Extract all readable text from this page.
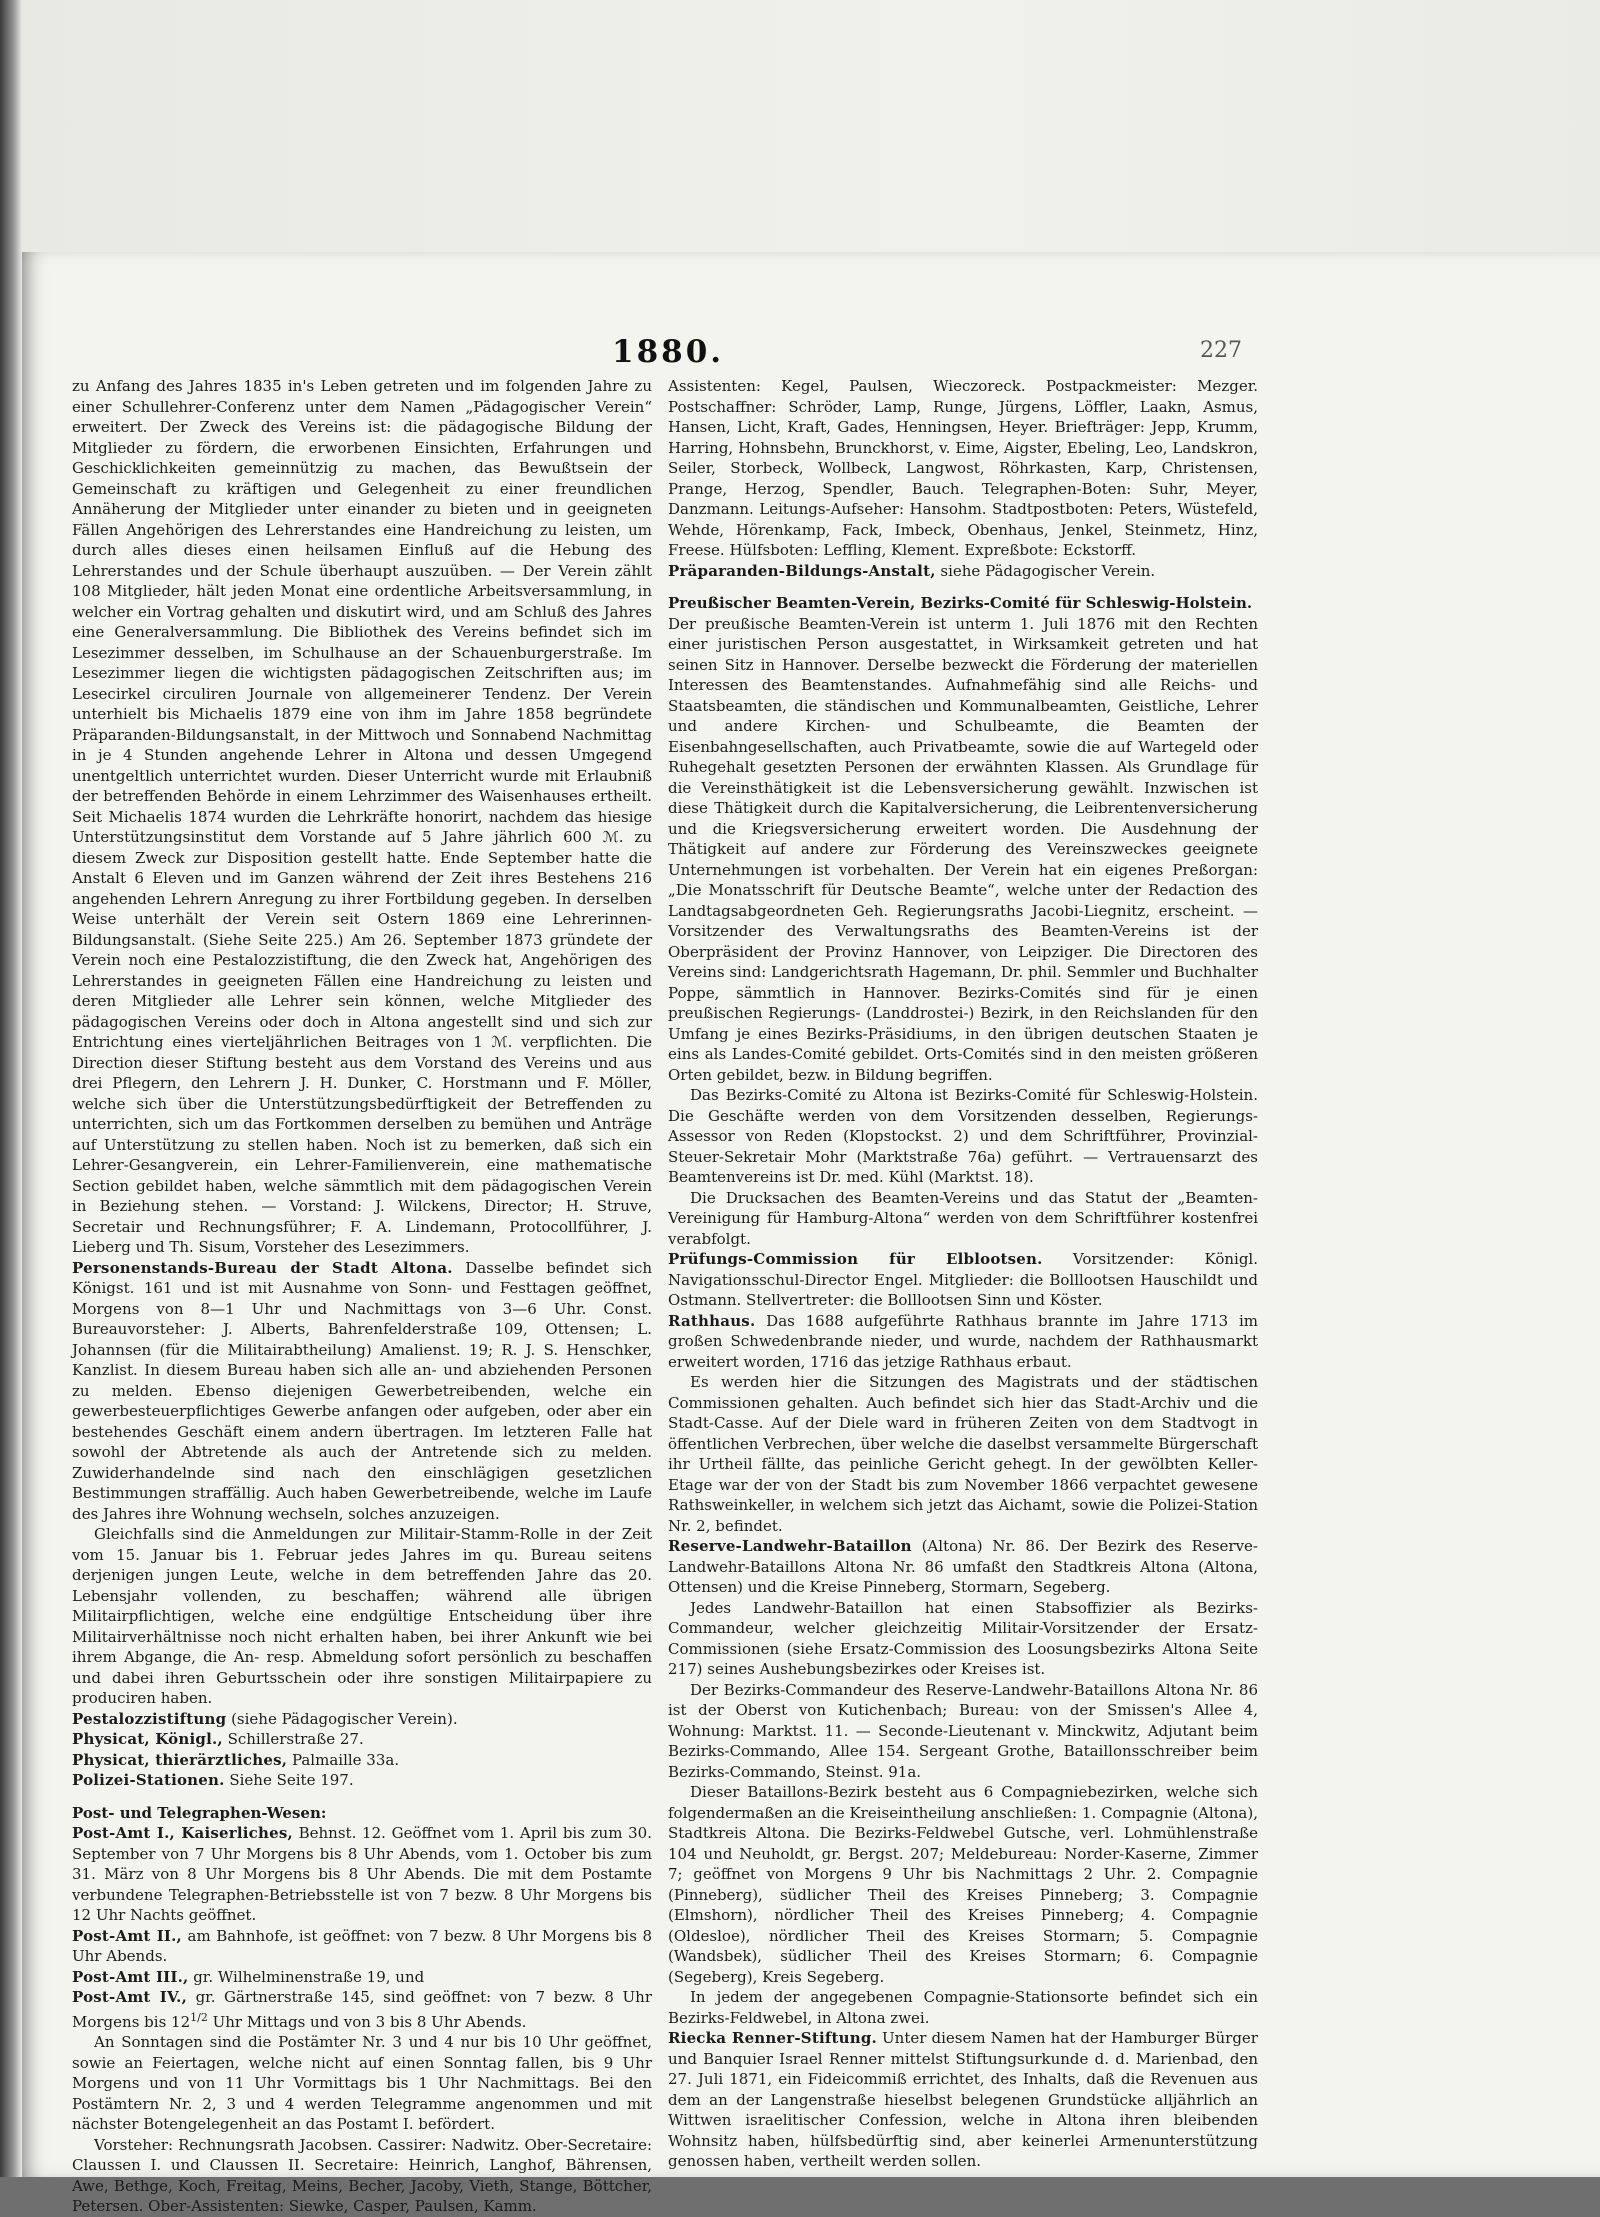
1880.	227

zu Anfang des Jahres 1835 in's Leben getreten und im folgenden Jahre zu einer Schullehrer-Conferenz unter dem Namen „Pädagogischer Verein“ erweitert. Der Zweck des Vereins ist: die pädagogische Bildung der Mitglieder zu fördern, die erworbenen Einsichten, Erfahrungen und Geschicklichkeiten gemeinnützig zu machen, das Bewußtsein der Gemeinschaft zu kräftigen und Gelegenheit zu einer freundlichen Annäherung der Mitglieder unter einander zu bieten und in geeigneten Fällen Angehörigen des Lehrerstandes eine Handreichung zu leisten, um durch alles dieses einen heilsamen Einfluß auf die Hebung des Lehrerstandes und der Schule überhaupt auszuüben. — Der Verein zählt 108 Mitglieder, hält jeden Monat eine ordentliche Arbeitsversammlung, in welcher ein Vortrag gehalten und diskutirt wird, und am Schluß des Jahres eine Generalversammlung. Die Bibliothek des Vereins befindet sich im Lesezimmer desselben, im Schulhause an der Schauenburgerstraße. Im Lesezimmer liegen die wichtigsten pädagogischen Zeitschriften aus; im Lesecirkel circuliren Journale von allgemeinerer Tendenz. Der Verein unterhielt bis Michaelis 1879 eine von ihm im Jahre 1858 begründete Präparanden-Bildungsanstalt, in der Mittwoch und Sonnabend Nachmittag in je 4 Stunden angehende Lehrer in Altona und dessen Umgegend unentgeltlich unterrichtet wurden. Dieser Unterricht wurde mit Erlaubniß der betreffenden Behörde in einem Lehrzimmer des Waisenhauses ertheilt. Seit Michaelis 1874 wurden die Lehrkräfte honorirt, nachdem das hiesige Unterstützungsinstitut dem Vorstande auf 5 Jahre jährlich 600 ℳ. zu diesem Zweck zur Disposition gestellt hatte. Ende September hatte die Anstalt 6 Eleven und im Ganzen während der Zeit ihres Bestehens 216 angehenden Lehrern Anregung zu ihrer Fortbildung gegeben. In derselben Weise unterhält der Verein seit Ostern 1869 eine Lehrerinnen-Bildungsanstalt. (Siehe Seite 225.) Am 26. September 1873 gründete der Verein noch eine Pestalozzistiftung, die den Zweck hat, Angehörigen des Lehrerstandes in geeigneten Fällen eine Handreichung zu leisten und deren Mitglieder alle Lehrer sein können, welche Mitglieder des pädagogischen Vereins oder doch in Altona angestellt sind und sich zur Entrichtung eines vierteljährlichen Beitrages von 1 ℳ. verpflichten. Die Direction dieser Stiftung besteht aus dem Vorstand des Vereins und aus drei Pflegern, den Lehrern J. H. Dunker, C. Horstmann und F. Möller, welche sich über die Unterstützungsbedürftigkeit der Betreffenden zu unterrichten, sich um das Fortkommen derselben zu bemühen und Anträge auf Unterstützung zu stellen haben. Noch ist zu bemerken, daß sich ein Lehrer-Gesangverein, ein Lehrer-Familienverein, eine mathematische Section gebildet haben, welche sämmtlich mit dem pädagogischen Verein in Beziehung stehen. — Vorstand: J. Wilckens, Director; H. Struve, Secretair und Rechnungsführer; F. A. Lindemann, Protocollführer, J. Lieberg und Th. Sisum, Vorsteher des Lesezimmers.

Personenstands-Bureau der Stadt Altona. Dasselbe befindet sich Königst. 161 und ist mit Ausnahme von Sonn- und Festtagen geöffnet, Morgens von 8—1 Uhr und Nachmittags von 3—6 Uhr. Const. Bureauvorsteher: J. Alberts, Bahrenfelderstraße 109, Ottensen; L. Johannsen (für die Militairabtheilung) Amalienst. 19; R. J. S. Henschker, Kanzlist. In diesem Bureau haben sich alle an- und abziehenden Personen zu melden. Ebenso diejenigen Gewerbetreibenden, welche ein gewerbesteuerpflichtiges Gewerbe anfangen oder aufgeben, oder aber ein bestehendes Geschäft einem andern übertragen. Im letzteren Falle hat sowohl der Abtretende als auch der Antretende sich zu melden. Zuwiderhandelnde sind nach den einschlägigen gesetzlichen Bestimmungen straffällig. Auch haben Gewerbetreibende, welche im Laufe des Jahres ihre Wohnung wechseln, solches anzuzeigen.

Gleichfalls sind die Anmeldungen zur Militair-Stamm-Rolle in der Zeit vom 15. Januar bis 1. Februar jedes Jahres im qu. Bureau seitens derjenigen jungen Leute, welche in dem betreffenden Jahre das 20. Lebensjahr vollenden, zu beschaffen; während alle übrigen Militairpflichtigen, welche eine endgültige Entscheidung über ihre Militairverhältnisse noch nicht erhalten haben, bei ihrer Ankunft wie bei ihrem Abgange, die An- resp. Abmeldung sofort persönlich zu beschaffen und dabei ihren Geburtsschein oder ihre sonstigen Militairpapiere zu produciren haben.

Pestalozzistiftung (siehe Pädagogischer Verein).

Physicat, Königl., Schillerstraße 27.

Physicat, thierärztliches, Palmaille 33a.

Polizei-Stationen. Siehe Seite 197.

Post- und Telegraphen-Wesen:

Post-Amt I., Kaiserliches, Behnst. 12. Geöffnet vom 1. April bis zum 30. September von 7 Uhr Morgens bis 8 Uhr Abends, vom 1. October bis zum 31. März von 8 Uhr Morgens bis 8 Uhr Abends. Die mit dem Postamte verbundene Telegraphen-Betriebsstelle ist von 7 bezw. 8 Uhr Morgens bis 12 Uhr Nachts geöffnet.

Post-Amt II., am Bahnhofe, ist geöffnet: von 7 bezw. 8 Uhr Morgens bis 8 Uhr Abends.

Post-Amt III., gr. Wilhelminenstraße 19, und

Post-Amt IV., gr. Gärtnerstraße 145, sind geöffnet: von 7 bezw. 8 Uhr Morgens bis $12^{1/2}$ Uhr Mittags und von 3 bis 8 Uhr Abends.

An Sonntagen sind die Postämter Nr. 3 und 4 nur bis 10 Uhr geöffnet, sowie an Feiertagen, welche nicht auf einen Sonntag fallen, bis 9 Uhr Morgens und von 11 Uhr Vormittags bis 1 Uhr Nachmittags. Bei den Postämtern Nr. 2, 3 und 4 werden Telegramme angenommen und mit nächster Botengelegenheit an das Postamt I. befördert.

Vorsteher: Rechnungsrath Jacobsen. Cassirer: Nadwitz. Ober-Secretaire: Claussen I. und Claussen II. Secretaire: Heinrich, Langhof, Bährensen, Awe, Bethge, Koch, Freitag, Meins, Becher, Jacoby, Vieth, Stange, Böttcher, Petersen. Ober-Assistenten: Siewke, Casper, Paulsen, Kamm.

Assistenten: Kegel, Paulsen, Wieczoreck. Postpackmeister: Mezger. Postschaffner: Schröder, Lamp, Runge, Jürgens, Löffler, Laakn, Asmus, Hansen, Licht, Kraft, Gades, Henningsen, Heyer. Briefträger: Jepp, Krumm, Harring, Hohnsbehn, Brunckhorst, v. Eime, Aigster, Ebeling, Leo, Landskron, Seiler, Storbeck, Wollbeck, Langwost, Röhrkasten, Karp, Christensen, Prange, Herzog, Spendler, Bauch. Telegraphen-Boten: Suhr, Meyer, Danzmann. Leitungs-Aufseher: Hansohm. Stadtpostboten: Peters, Wüstefeld, Wehde, Hörenkamp, Fack, Imbeck, Obenhaus, Jenkel, Steinmetz, Hinz, Freese. Hülfsboten: Leffling, Klement. Expreßbote: Eckstorff.

Präparanden-Bildungs-Anstalt, siehe Pädagogischer Verein.

Preußischer Beamten-Verein, Bezirks-Comité für Schleswig-Holstein.

Der preußische Beamten-Verein ist unterm 1. Juli 1876 mit den Rechten einer juristischen Person ausgestattet, in Wirksamkeit getreten und hat seinen Sitz in Hannover. Derselbe bezweckt die Förderung der materiellen Interessen des Beamtenstandes. Aufnahmefähig sind alle Reichs- und Staatsbeamten, die ständischen und Kommunalbeamten, Geistliche, Lehrer und andere Kirchen- und Schulbeamte, die Beamten der Eisenbahngesellschaften, auch Privatbeamte, sowie die auf Wartegeld oder Ruhegehalt gesetzten Personen der erwähnten Klassen. Als Grundlage für die Vereinsthätigkeit ist die Lebensversicherung gewählt. Inzwischen ist diese Thätigkeit durch die Kapitalversicherung, die Leibrentenversicherung und die Kriegsversicherung erweitert worden. Die Ausdehnung der Thätigkeit auf andere zur Förderung des Vereinszweckes geeignete Unternehmungen ist vorbehalten. Der Verein hat ein eigenes Preßorgan: „Die Monatsschrift für Deutsche Beamte“, welche unter der Redaction des Landtagsabgeordneten Geh. Regierungsraths Jacobi-Liegnitz, erscheint. — Vorsitzender des Verwaltungsraths des Beamten-Vereins ist der Oberpräsident der Provinz Hannover, von Leipziger. Die Directoren des Vereins sind: Landgerichtsrath Hagemann, Dr. phil. Semmler und Buchhalter Poppe, sämmtlich in Hannover. Bezirks-Comités sind für je einen preußischen Regierungs- (Landdrostei-) Bezirk, in den Reichslanden für den Umfang je eines Bezirks-Präsidiums, in den übrigen deutschen Staaten je eins als Landes-Comité gebildet. Orts-Comités sind in den meisten größeren Orten gebildet, bezw. in Bildung begriffen.

Das Bezirks-Comité zu Altona ist Bezirks-Comité für Schleswig-Holstein. Die Geschäfte werden von dem Vorsitzenden desselben, Regierungs-Assessor von Reden (Klopstockst. 2) und dem Schriftführer, Provinzial-Steuer-Sekretair Mohr (Marktstraße 76a) geführt. — Vertrauensarzt des Beamtenvereins ist Dr. med. Kühl (Marktst. 18).

Die Drucksachen des Beamten-Vereins und das Statut der „Beamten-Vereinigung für Hamburg-Altona“ werden von dem Schriftführer kostenfrei verabfolgt.

Prüfungs-Commission für Elblootsen. Vorsitzender: Königl. Navigationsschul-Director Engel. Mitglieder: die Bolllootsen Hauschildt und Ostmann. Stellvertreter: die Bolllootsen Sinn und Köster.

Rathhaus. Das 1688 aufgeführte Rathhaus brannte im Jahre 1713 im großen Schwedenbrande nieder, und wurde, nachdem der Rathhausmarkt erweitert worden, 1716 das jetzige Rathhaus erbaut.

Es werden hier die Sitzungen des Magistrats und der städtischen Commissionen gehalten. Auch befindet sich hier das Stadt-Archiv und die Stadt-Casse. Auf der Diele ward in früheren Zeiten von dem Stadtvogt in öffentlichen Verbrechen, über welche die daselbst versammelte Bürgerschaft ihr Urtheil fällte, das peinliche Gericht gehegt. In der gewölbten Keller-Etage war der von der Stadt bis zum November 1866 verpachtet gewesene Rathsweinkeller, in welchem sich jetzt das Aichamt, sowie die Polizei-Station Nr. 2, befindet.

Reserve-Landwehr-Bataillon (Altona) Nr. 86. Der Bezirk des Reserve-Landwehr-Bataillons Altona Nr. 86 umfaßt den Stadtkreis Altona (Altona, Ottensen) und die Kreise Pinneberg, Stormarn, Segeberg.

Jedes Landwehr-Bataillon hat einen Stabsoffizier als Bezirks-Commandeur, welcher gleichzeitig Militair-Vorsitzender der Ersatz-Commissionen (siehe Ersatz-Commission des Loosungsbezirks Altona Seite 217) seines Aushebungsbezirkes oder Kreises ist.

Der Bezirks-Commandeur des Reserve-Landwehr-Bataillons Altona Nr. 86 ist der Oberst von Kutichenbach; Bureau: von der Smissen's Allee 4, Wohnung: Marktst. 11. — Seconde-Lieutenant v. Minckwitz, Adjutant beim Bezirks-Commando, Allee 154. Sergeant Grothe, Bataillonsschreiber beim Bezirks-Commando, Steinst. 91a.

Dieser Bataillons-Bezirk besteht aus 6 Compagniebezirken, welche sich folgendermaßen an die Kreiseintheilung anschließen: 1. Compagnie (Altona), Stadtkreis Altona. Die Bezirks-Feldwebel Gutsche, verl. Lohmühlenstraße 104 und Neuholdt, gr. Bergst. 207; Meldebureau: Norder-Kaserne, Zimmer 7; geöffnet von Morgens 9 Uhr bis Nachmittags 2 Uhr. 2. Compagnie (Pinneberg), südlicher Theil des Kreises Pinneberg; 3. Compagnie (Elmshorn), nördlicher Theil des Kreises Pinneberg; 4. Compagnie (Oldesloe), nördlicher Theil des Kreises Stormarn; 5. Compagnie (Wandsbek), südlicher Theil des Kreises Stormarn; 6. Compagnie (Segeberg), Kreis Segeberg.

In jedem der angegebenen Compagnie-Stationsorte befindet sich ein Bezirks-Feldwebel, in Altona zwei.

Riecka Renner-Stiftung. Unter diesem Namen hat der Hamburger Bürger und Banquier Israel Renner mittelst Stiftungsurkunde d. d. Marienbad, den 27. Juli 1871, ein Fideicommiß errichtet, des Inhalts, daß die Revenuen aus dem an der Langenstraße hieselbst belegenen Grundstücke alljährlich an Wittwen israelitischer Confession, welche in Altona ihren bleibenden Wohnsitz haben, hülfsbedürftig sind, aber keinerlei Armenunterstützung genossen haben, vertheilt werden sollen.
